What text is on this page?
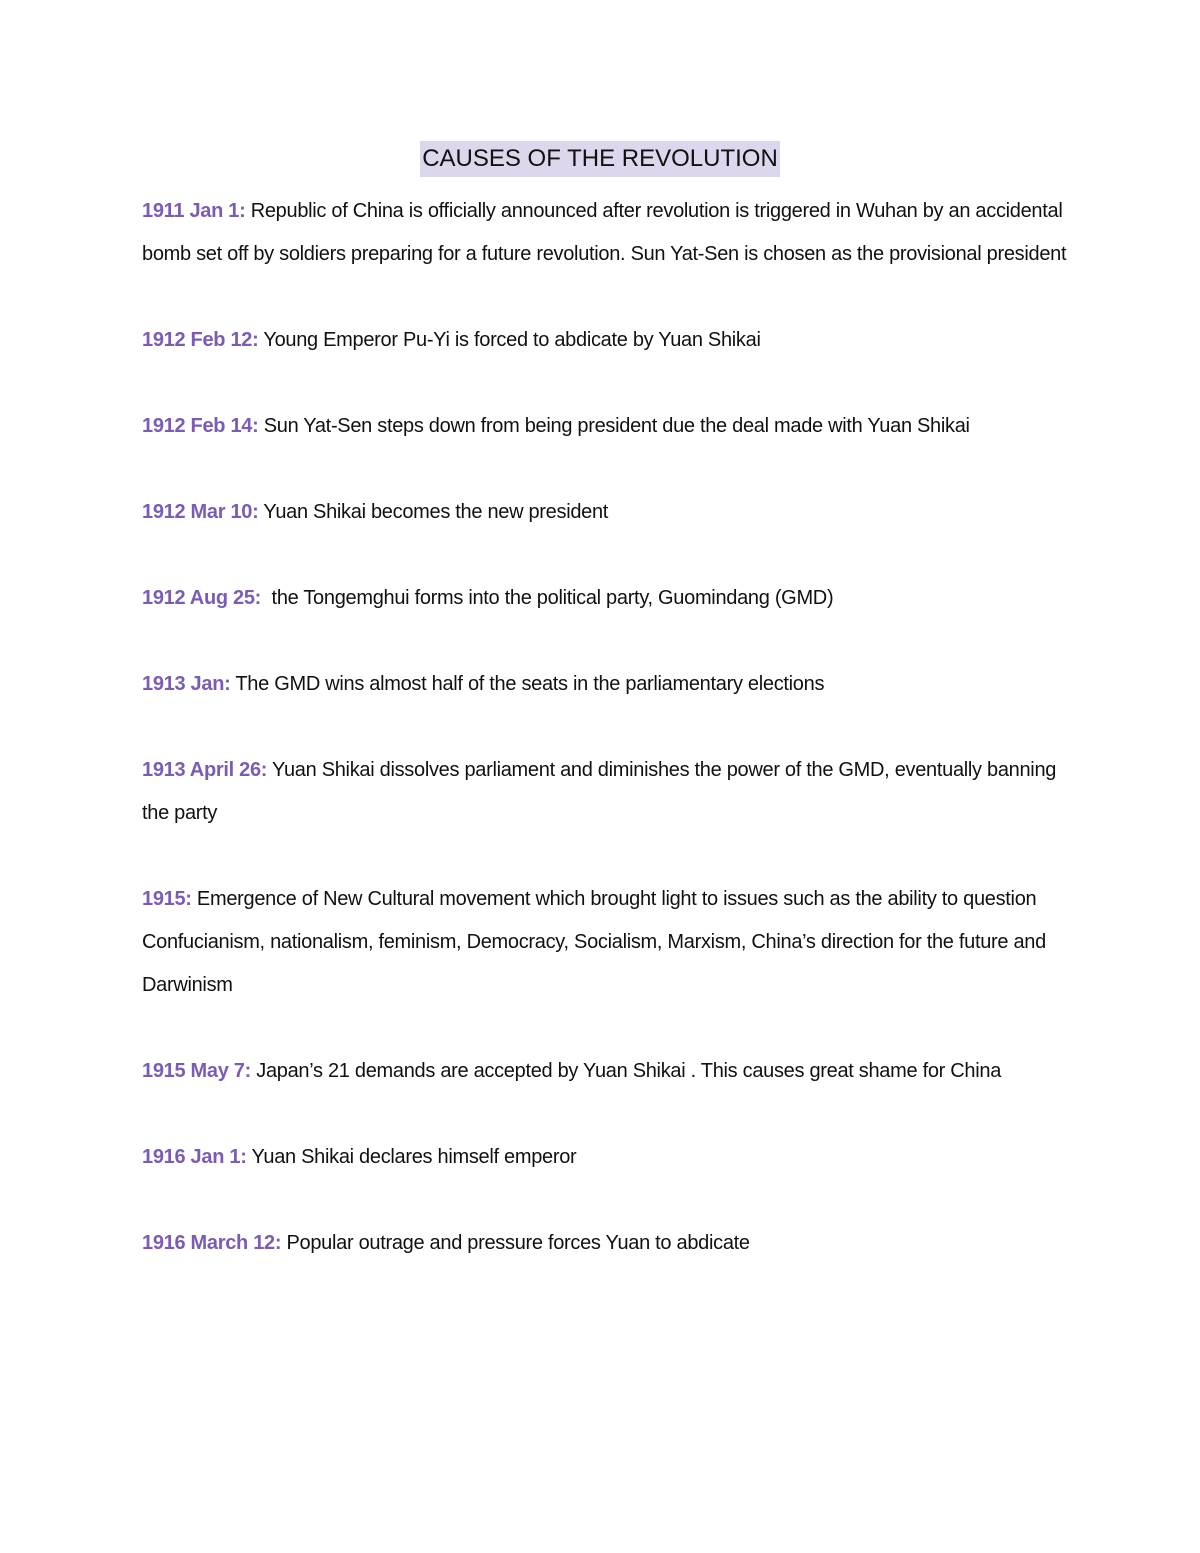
CAUSES OF THE REVOLUTION

1911 Jan 1: Republic of China is officially announced after revolution is triggered in Wuhan by an accidental bomb set off by soldiers preparing for a future revolution. Sun Yat-Sen is chosen as the provisional president

1912 Feb 12: Young Emperor Pu-Yi is forced to abdicate by Yuan Shikai

1912 Feb 14: Sun Yat-Sen steps down from being president due the deal made with Yuan Shikai

1912 Mar 10: Yuan Shikai becomes the new president

1912 Aug 25:  the Tongemghui forms into the political party, Guomindang (GMD)

1913 Jan: The GMD wins almost half of the seats in the parliamentary elections

1913 April 26: Yuan Shikai dissolves parliament and diminishes the power of the GMD, eventually banning the party

1915: Emergence of New Cultural movement which brought light to issues such as the ability to question Confucianism, nationalism, feminism, Democracy, Socialism, Marxism, China’s direction for the future and Darwinism

1915 May 7: Japan’s 21 demands are accepted by Yuan Shikai . This causes great shame for China

1916 Jan 1: Yuan Shikai declares himself emperor

1916 March 12: Popular outrage and pressure forces Yuan to abdicate
